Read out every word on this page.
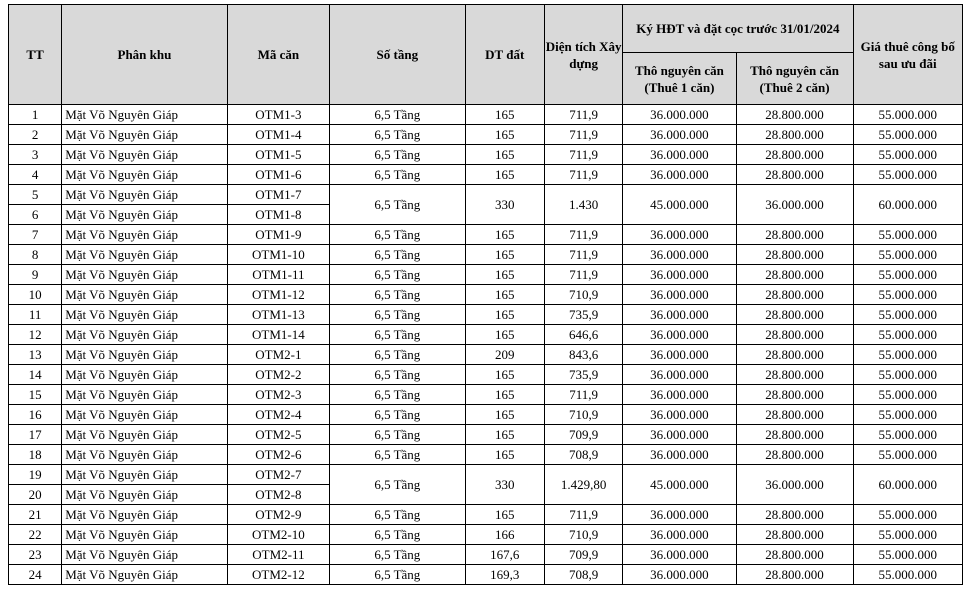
TT	Phân khu	Mã căn	Số tầng	DT đất	Diện tích Xây dựng	Ký HĐT và đặt cọc trước 31/01/2024		Giá thuê công bố sau ưu đãi
						Thô nguyên căn (Thuê 1 căn)	Thô nguyên căn (Thuê 2 căn)	
1	Mặt Võ Nguyên Giáp	OTM1-3	6,5 Tầng	165	711,9	36.000.000	28.800.000	55.000.000
2	Mặt Võ Nguyên Giáp	OTM1-4	6,5 Tầng	165	711,9	36.000.000	28.800.000	55.000.000
3	Mặt Võ Nguyên Giáp	OTM1-5	6,5 Tầng	165	711,9	36.000.000	28.800.000	55.000.000
4	Mặt Võ Nguyên Giáp	OTM1-6	6,5 Tầng	165	711,9	36.000.000	28.800.000	55.000.000
5	Mặt Võ Nguyên Giáp	OTM1-7	6,5 Tầng	330	1.430	45.000.000	36.000.000	60.000.000
6	Mặt Võ Nguyên Giáp	OTM1-8						
7	Mặt Võ Nguyên Giáp	OTM1-9	6,5 Tầng	165	711,9	36.000.000	28.800.000	55.000.000
8	Mặt Võ Nguyên Giáp	OTM1-10	6,5 Tầng	165	711,9	36.000.000	28.800.000	55.000.000
9	Mặt Võ Nguyên Giáp	OTM1-11	6,5 Tầng	165	711,9	36.000.000	28.800.000	55.000.000
10	Mặt Võ Nguyên Giáp	OTM1-12	6,5 Tầng	165	710,9	36.000.000	28.800.000	55.000.000
11	Mặt Võ Nguyên Giáp	OTM1-13	6,5 Tầng	165	735,9	36.000.000	28.800.000	55.000.000
12	Mặt Võ Nguyên Giáp	OTM1-14	6,5 Tầng	165	646,6	36.000.000	28.800.000	55.000.000
13	Mặt Võ Nguyên Giáp	OTM2-1	6,5 Tầng	209	843,6	36.000.000	28.800.000	55.000.000
14	Mặt Võ Nguyên Giáp	OTM2-2	6,5 Tầng	165	735,9	36.000.000	28.800.000	55.000.000
15	Mặt Võ Nguyên Giáp	OTM2-3	6,5 Tầng	165	711,9	36.000.000	28.800.000	55.000.000
16	Mặt Võ Nguyên Giáp	OTM2-4	6,5 Tầng	165	710,9	36.000.000	28.800.000	55.000.000
17	Mặt Võ Nguyên Giáp	OTM2-5	6,5 Tầng	165	709,9	36.000.000	28.800.000	55.000.000
18	Mặt Võ Nguyên Giáp	OTM2-6	6,5 Tầng	165	708,9	36.000.000	28.800.000	55.000.000
19	Mặt Võ Nguyên Giáp	OTM2-7	6,5 Tầng	330	1.429,80	45.000.000	36.000.000	60.000.000
20	Mặt Võ Nguyên Giáp	OTM2-8						
21	Mặt Võ Nguyên Giáp	OTM2-9	6,5 Tầng	165	711,9	36.000.000	28.800.000	55.000.000
22	Mặt Võ Nguyên Giáp	OTM2-10	6,5 Tầng	166	710,9	36.000.000	28.800.000	55.000.000
23	Mặt Võ Nguyên Giáp	OTM2-11	6,5 Tầng	167,6	709,9	36.000.000	28.800.000	55.000.000
24	Mặt Võ Nguyên Giáp	OTM2-12	6,5 Tầng	169,3	708,9	36.000.000	28.800.000	55.000.000
